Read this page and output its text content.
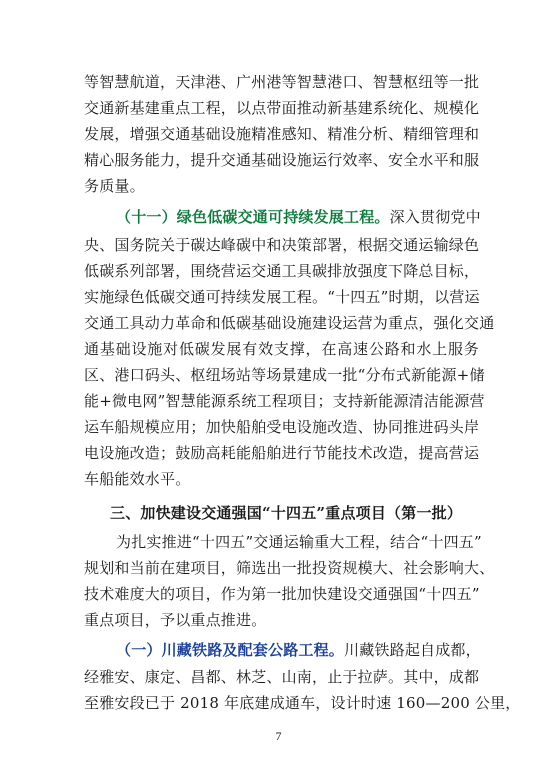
等智慧航道，天津港、广州港等智慧港口、智慧枢纽等一批
交通新基建重点工程，以点带面推动新基建系统化、规模化
发展，增强交通基础设施精准感知、精准分析、精细管理和
精心服务能力，提升交通基础设施运行效率、安全水平和服
务质量。
（十一）绿色低碳交通可持续发展工程。深入贯彻党中
央、国务院关于碳达峰碳中和决策部署，根据交通运输绿色
低碳系列部署，围绕营运交通工具碳排放强度下降总目标，
实施绿色低碳交通可持续发展工程。“十四五”时期，以营运
交通工具动力革命和低碳基础设施建设运营为重点，强化交通
通基础设施对低碳发展有效支撑，在高速公路和水上服务
区、港口码头、枢纽场站等场景建成一批“分布式新能源+储
能+微电网”智慧能源系统工程项目；支持新能源清洁能源营
运车船规模应用；加快船舶受电设施改造、协同推进码头岸
电设施改造；鼓励高耗能船舶进行节能技术改造，提高营运
车船能效水平。
三、加快建设交通强国“十四五”重点项目（第一批）
为扎实推进“十四五”交通运输重大工程，结合“十四五”
规划和当前在建项目，筛选出一批投资规模大、社会影响大、
技术难度大的项目，作为第一批加快建设交通强国“十四五”
重点项目，予以重点推进。
（一）川藏铁路及配套公路工程。川藏铁路起自成都，
经雅安、康定、昌都、林芝、山南，止于拉萨。其中，成都
至雅安段已于 2018 年底建成通车，设计时速 160—200 公里，
7
